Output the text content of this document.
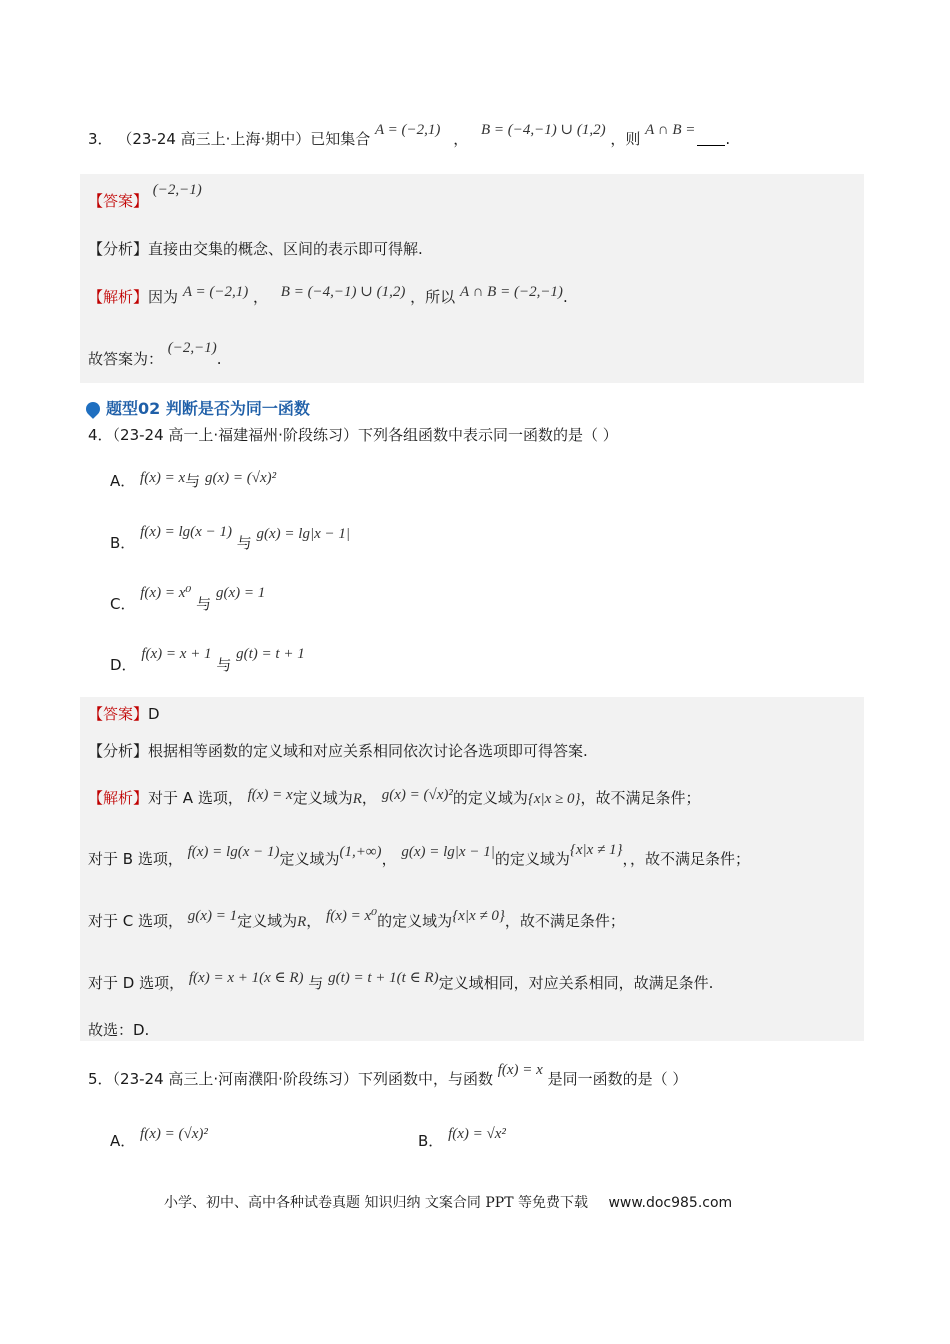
3． （23-24 高三上·上海·期中）已知集合 A = (−2,1) ， B = (−4,−1) ∪ (1,2) ，则 A ∩ B = .
【答案】 (−2,−1)
【分析】直接由交集的概念、区间的表示即可得解.
【解析】因为 A = (−2,1) ， B = (−4,−1) ∪ (1,2) ，所以 A ∩ B = (−2,−1).
故答案为： (−2,−1).
题型02 判断是否为同一函数
4．（23-24 高一上·福建福州·阶段练习）下列各组函数中表示同一函数的是（ ）
A． f(x) = x与 g(x) = (√x)²
B． f(x) = lg(x − 1) 与 g(x) = lg|x − 1|
C． f(x) = x⁰ 与 g(x) = 1
D． f(x) = x + 1 与 g(t) = t + 1
【答案】D
【分析】根据相等函数的定义域和对应关系相同依次讨论各选项即可得答案.
【解析】对于 A 选项， f(x) = x定义域为R， g(x) = (√x)²的定义域为{x|x ≥ 0}，故不满足条件；
对于 B 选项， f(x) = lg(x − 1)定义域为(1,+∞)， g(x) = lg|x − 1|的定义域为{x|x ≠ 1}，，故不满足条件；
对于 C 选项， g(x) = 1定义域为R， f(x) = x⁰的定义域为{x|x ≠ 0}，故不满足条件；
对于 D 选项， f(x) = x + 1(x ∈ R) 与 g(t) = t + 1(t ∈ R)定义域相同，对应关系相同，故满足条件.
故选：D.
5．（23-24 高三上·河南濮阳·阶段练习）下列函数中，与函数 f(x) = x 是同一函数的是（ ）
A． f(x) = (√x)²	B． f(x) = √x²
小学、初中、高中各种试卷真题 知识归纳 文案合同 PPT 等免费下载 www.doc985.com
